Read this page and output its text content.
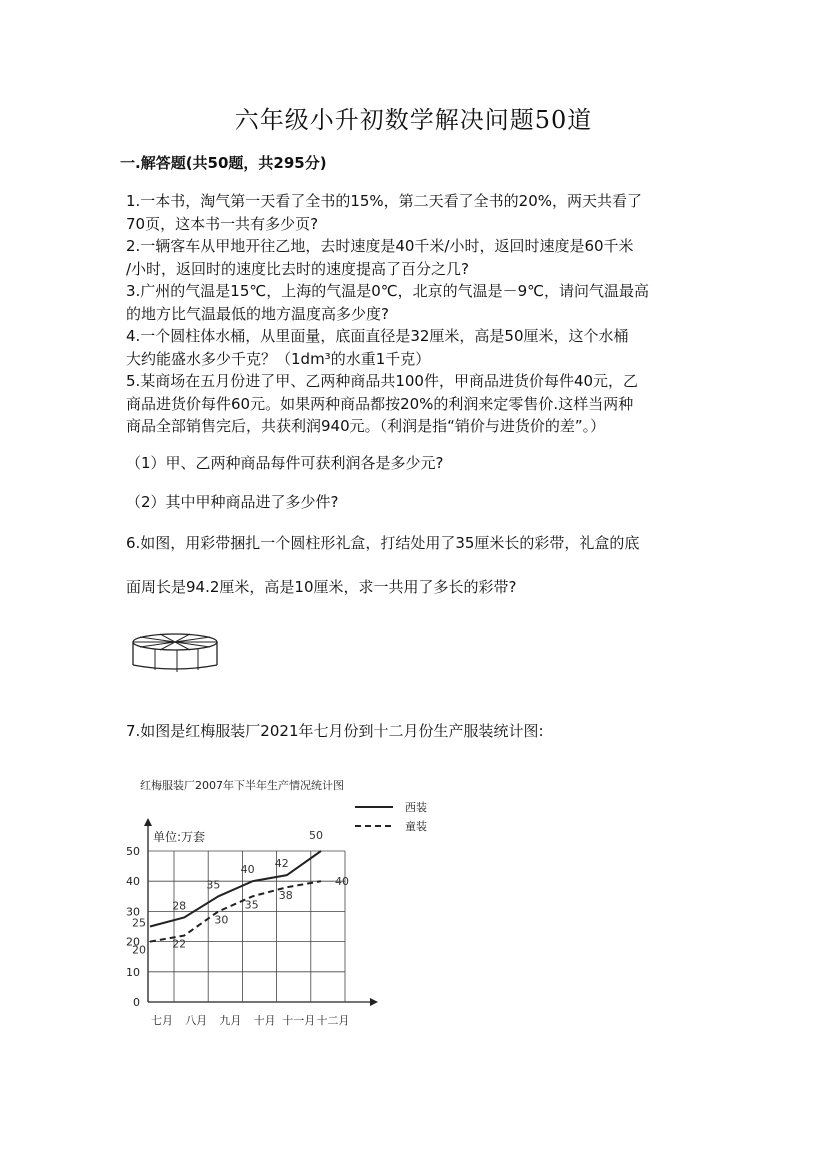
六年级小升初数学解决问题50道
一.解答题(共50题，共295分)
1.一本书，淘气第一天看了全书的15%，第二天看了全书的20%，两天共看了
70页，这本书一共有多少页?
2.一辆客车从甲地开往乙地，去时速度是40千米/小时，返回时速度是60千米
/小时，返回时的速度比去时的速度提高了百分之几?
3.广州的气温是15℃，上海的气温是0℃，北京的气温是－9℃，请问气温最高
的地方比气温最低的地方温度高多少度?
4.一个圆柱体水桶，从里面量，底面直径是32厘米，高是50厘米，这个水桶
大约能盛水多少千克？（1dm³的水重1千克）
5.某商场在五月份进了甲、乙两种商品共100件，甲商品进货价每件40元，乙
商品进货价每件60元。如果两种商品都按20%的利润来定零售价.这样当两种
商品全部销售完后，共获利润940元。（利润是指“销价与进货价的差”。）
（1）甲、乙两种商品每件可获利润各是多少元?
（2）其中甲种商品进了多少件?
6.如图，用彩带捆扎一个圆柱形礼盒，打结处用了35厘米长的彩带，礼盒的底
面周长是94.2厘米，高是10厘米，求一共用了多长的彩带?
7.如图是红梅服装厂2021年七月份到十二月份生产服装统计图:
红梅服装厂2007年下半年生产情况统计图
单位:万套
西装
童装
0
10
20
30
40
50
七月 八月 九月 十月 十一月 十二月
25
28
35
40 42
50
20 22
30
35
38
40
